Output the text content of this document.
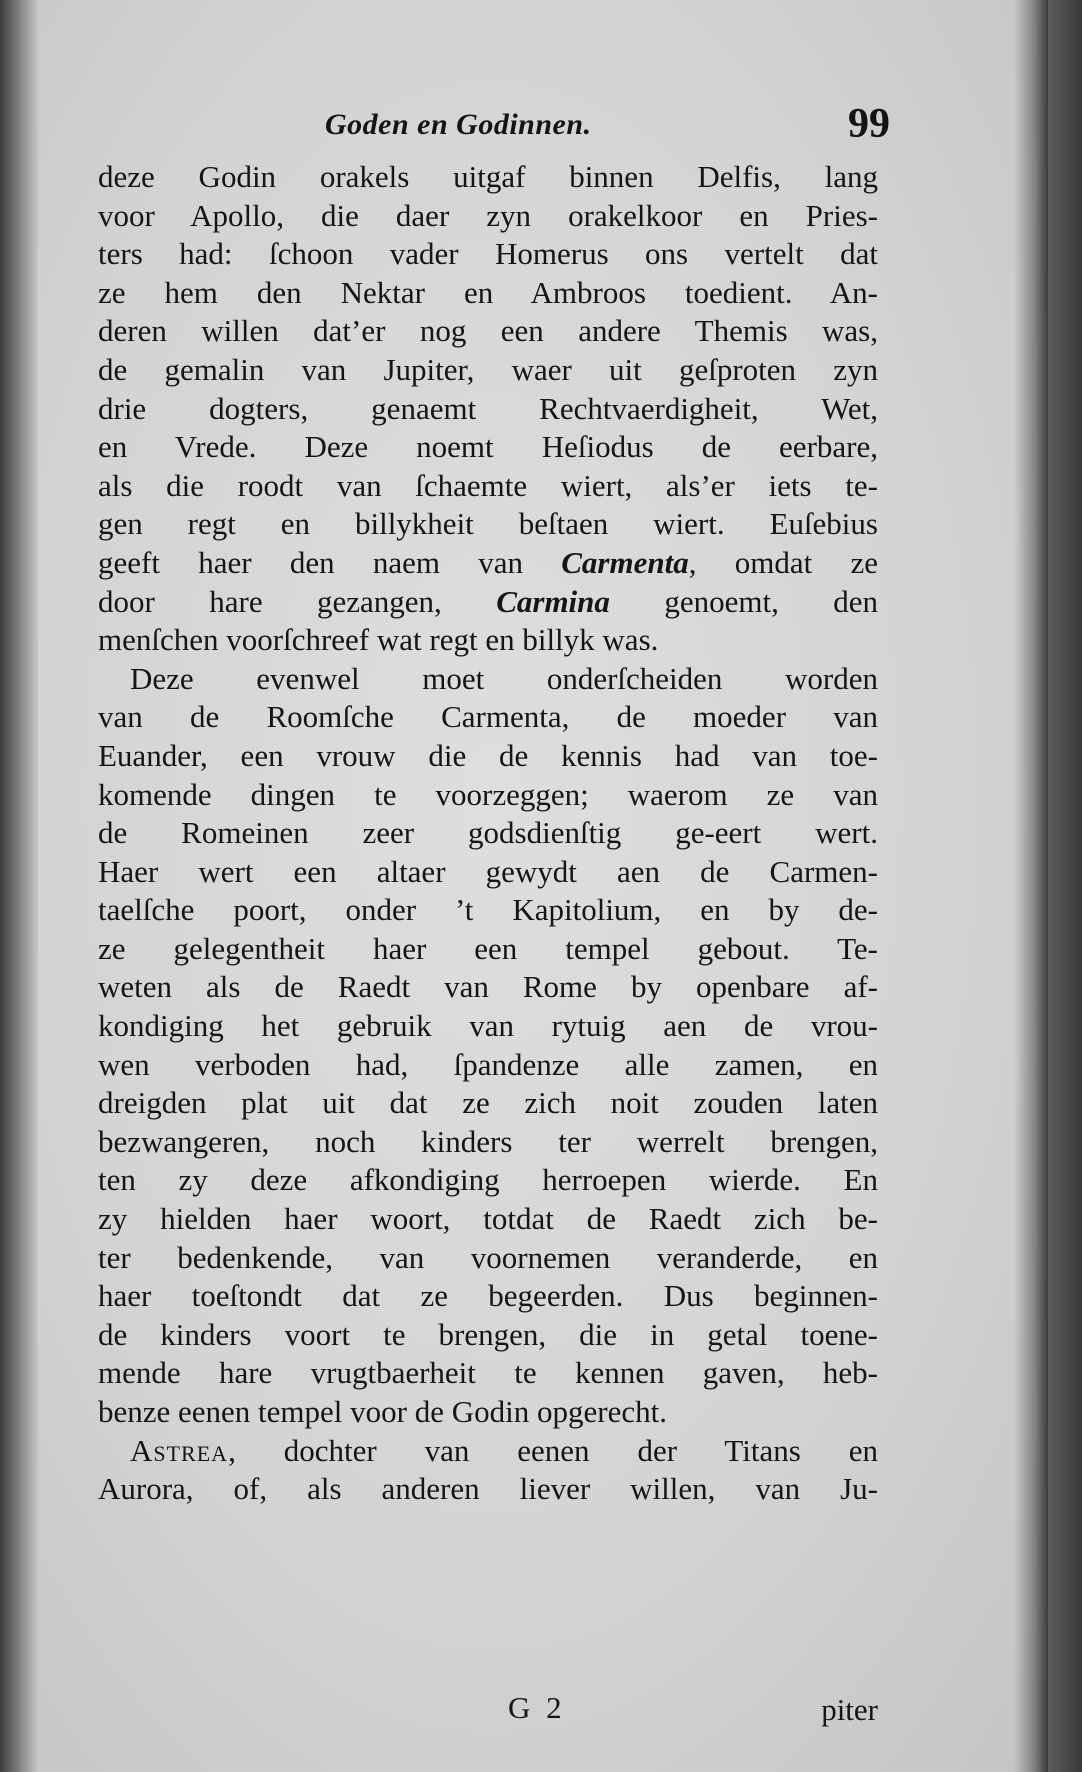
Goden en Godinnen.	99
deze Godin orakels uitgaf binnen Delfis, lang
voor Apollo, die daer zyn orakelkoor en Pries-
ters had: ſchoon vader Homerus ons vertelt dat
ze hem den Nektar en Ambroos toedient. An-
deren willen dat’er nog een andere Themis was,
de gemalin van Jupiter, waer uit geſproten zyn
drie dogters, genaemt Rechtvaerdigheit, Wet,
en Vrede. Deze noemt Heſiodus de eerbare,
als die roodt van ſchaemte wiert, als’er iets te-
gen regt en billykheit beſtaen wiert. Euſebius
geeft haer den naem van Carmenta, omdat ze
door hare gezangen, Carmina genoemt, den
menſchen voorſchreef wat regt en billyk was.
Deze evenwel moet onderſcheiden worden
van de Roomſche Carmenta, de moeder van
Euander, een vrouw die de kennis had van toe-
komende dingen te voorzeggen; waerom ze van
de Romeinen zeer godsdienſtig ge-eert wert.
Haer wert een altaer gewydt aen de Carmen-
taelſche poort, onder ’t Kapitolium, en by de-
ze gelegentheit haer een tempel gebout. Te-
weten als de Raedt van Rome by openbare af-
kondiging het gebruik van rytuig aen de vrou-
wen verboden had, ſpandenze alle zamen, en
dreigden plat uit dat ze zich noit zouden laten
bezwangeren, noch kinders ter werrelt brengen,
ten zy deze afkondiging herroepen wierde. En
zy hielden haer woort, totdat de Raedt zich be-
ter bedenkende, van voornemen veranderde, en
haer toeſtondt dat ze begeerden. Dus beginnen-
de kinders voort te brengen, die in getal toene-
mende hare vrugtbaerheit te kennen gaven, heb-
benze eenen tempel voor de Godin opgerecht.
Astrea, dochter van eenen der Titans en
Aurora, of, als anderen liever willen, van Ju-
G 2	piter
